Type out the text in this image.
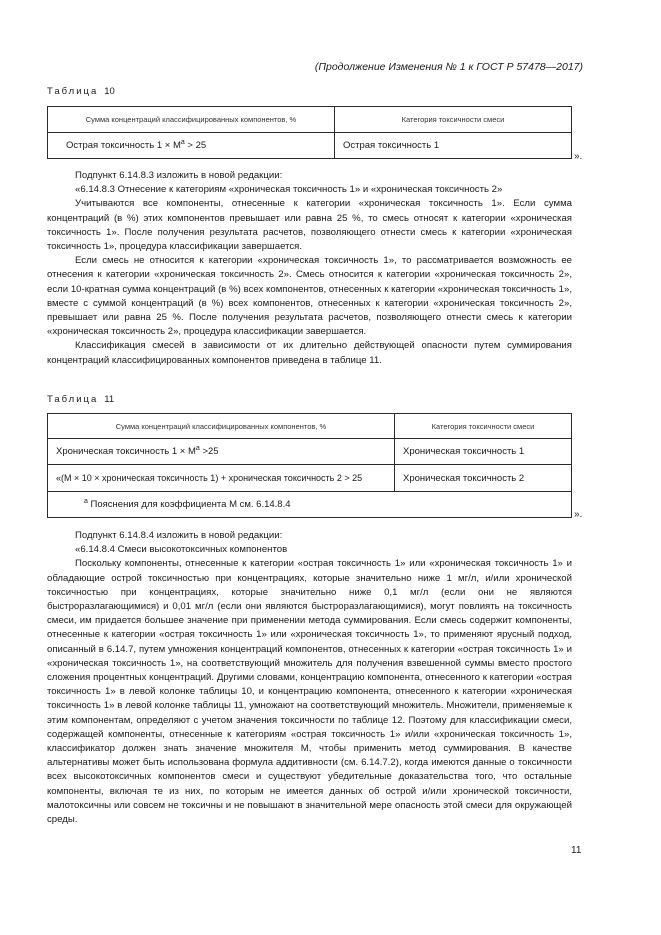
(Продолжение Изменения № 1 к ГОСТ Р 57478—2017)
Таблица 10
Сумма концентраций классифицированных компонентов, %	Категория токсичности смеси
Острая токсичность $1 \times M^a > 25$	Острая токсичность 1
».

Подпункт 6.14.8.3 изложить в новой редакции:

«6.14.8.3 Отнесение к категориям «хроническая токсичность 1» и «хроническая токсичность 2»

Учитываются все компоненты, отнесенные к категории «хроническая токсичность 1». Если сумма концентраций (в %) этих компонентов превышает или равна 25 %, то смесь относят к категории «хроническая токсичность 1». После получения результата расчетов, позволяющего отнести смесь к категории «хроническая токсичность 1», процедура классификации завершается.

Если смесь не относится к категории «хроническая токсичность 1», то рассматривается возможность ее отнесения к категории «хроническая токсичность 2». Смесь относится к категории «хроническая токсичность 2», если 10-кратная сумма концентраций (в %) всех компонентов, отнесенных к категории «хроническая токсичность 1», вместе с суммой концентраций (в %) всех компонентов, отнесенных к категории «хроническая токсичность 2», превышает или равна 25 %. После получения результата расчетов, позволяющего отнести смесь к категории «хроническая токсичность 2», процедура классификации завершается.

Классификация смесей в зависимости от их длительно действующей опасности путем суммирования концентраций классифицированных компонентов приведена в таблице 11.

Таблица 11
Сумма концентраций классифицированных компонентов, %	Категория токсичности смеси
Хроническая токсичность $1 \times M^a >25$	Хроническая токсичность 1
«(М × 10 × хроническая токсичность 1) + хроническая токсичность 2 > 25	Хроническая токсичность 2
$^a$ Пояснения для коэффициента М см. 6.14.8.4	
».

Подпункт 6.14.8.4 изложить в новой редакции:

«6.14.8.4 Смеси высокотоксичных компонентов

Поскольку компоненты, отнесенные к категории «острая токсичность 1» или «хроническая токсичность 1» и обладающие острой токсичностью при концентрациях, которые значительно ниже 1 мг/л, и/или хронической токсичностью при концентрациях, которые значительно ниже 0,1 мг/л (если они не являются быстроразлагающимися) и 0,01 мг/л (если они являются быстроразлагающимися), могут повлиять на токсичность смеси, им придается большее значение при применении метода суммирования. Если смесь содержит компоненты, отнесенные к категории «острая токсичность 1» или «хроническая токсичность 1», то применяют ярусный подход, описанный в 6.14.7, путем умножения концентраций компонентов, отнесенных к категории «острая токсичность 1» и «хроническая токсичность 1», на соответствующий множитель для получения взвешенной суммы вместо простого сложения процентных концентраций. Другими словами, концентрацию компонента, отнесенного к категории «острая токсичность 1» в левой колонке таблицы 10, и концентрацию компонента, отнесенного к категории «хроническая токсичность 1» в левой колонке таблицы 11, умножают на соответствующий множитель. Множители, применяемые к этим компонентам, определяют с учетом значения токсичности по таблице 12. Поэтому для классификации смеси, содержащей компоненты, отнесенные к категориям «острая токсичность 1» и/или «хроническая токсичность 1», классификатор должен знать значение множителя М, чтобы применить метод суммирования. В качестве альтернативы может быть использована формула аддитивности (см. 6.14.7.2), когда имеются данные о токсичности всех высокотоксичных компонентов смеси и существуют убедительные доказательства того, что остальные компоненты, включая те из них, по которым не имеется данных об острой и/или хронической токсичности, малотоксичны или совсем не токсичны и не повышают в значительной мере опасность этой смеси для окружающей среды.

11
